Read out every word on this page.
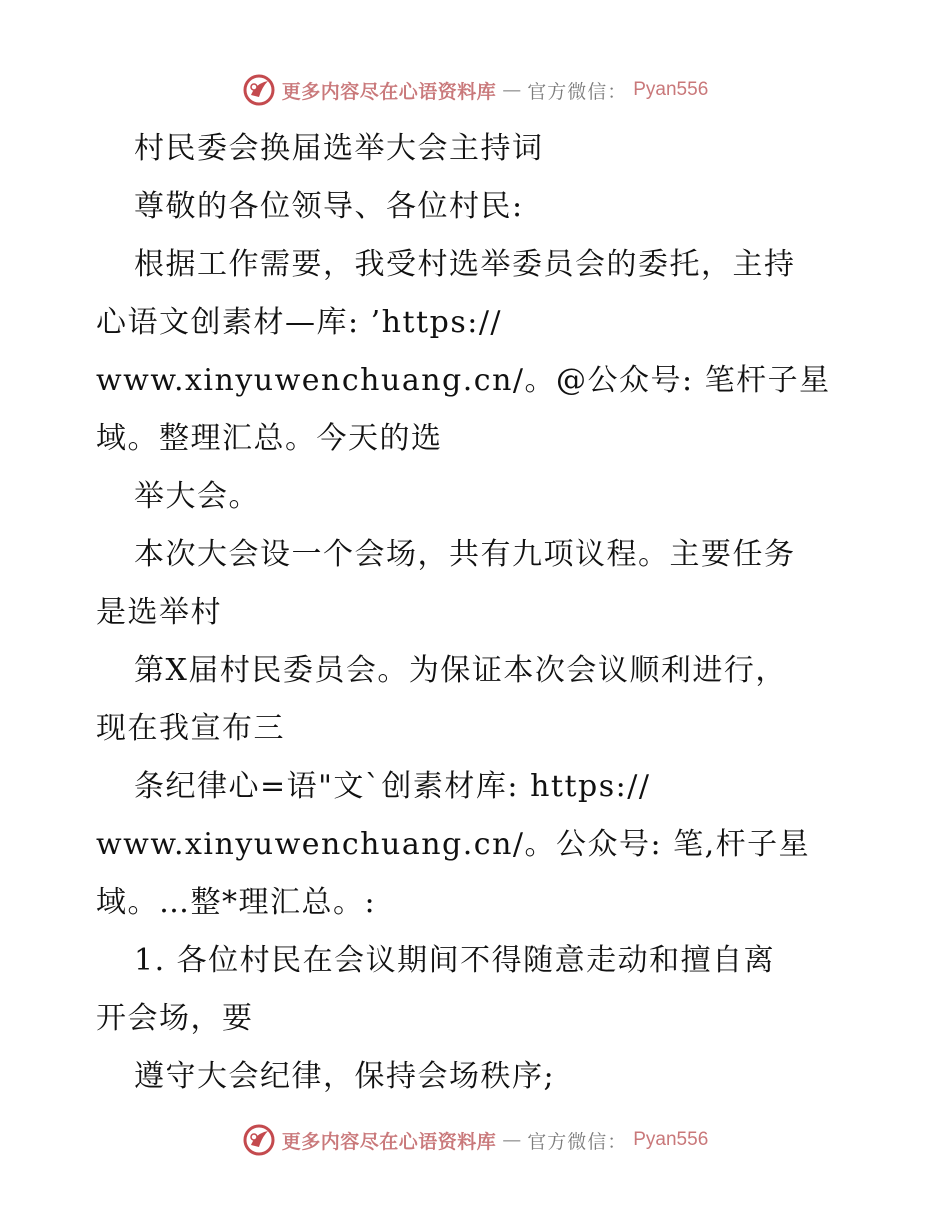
更多内容尽在心语资料库 — 官方微信： Pyan556
村民委会换届选举大会主持词
尊敬的各位领导、各位村民:
根据工作需要，我受村选举委员会的委托，主持
心语文创素材—库: ’https://
www.xinyuwenchuang.cn/。@公众号: 笔杆子星
域。整理汇总。今天的选
举大会。
本次大会设一个会场，共有九项议程。主要任务
是选举村
第X届村民委员会。为保证本次会议顺利进行，
现在我宣布三
条纪律心=语"文`创素材库: https://
www.xinyuwenchuang.cn/。公众号: 笔,杆子星
域。…整*理汇总。:
1. 各位村民在会议期间不得随意走动和擅自离
开会场，要
遵守大会纪律，保持会场秩序;
更多内容尽在心语资料库 — 官方微信： Pyan556
